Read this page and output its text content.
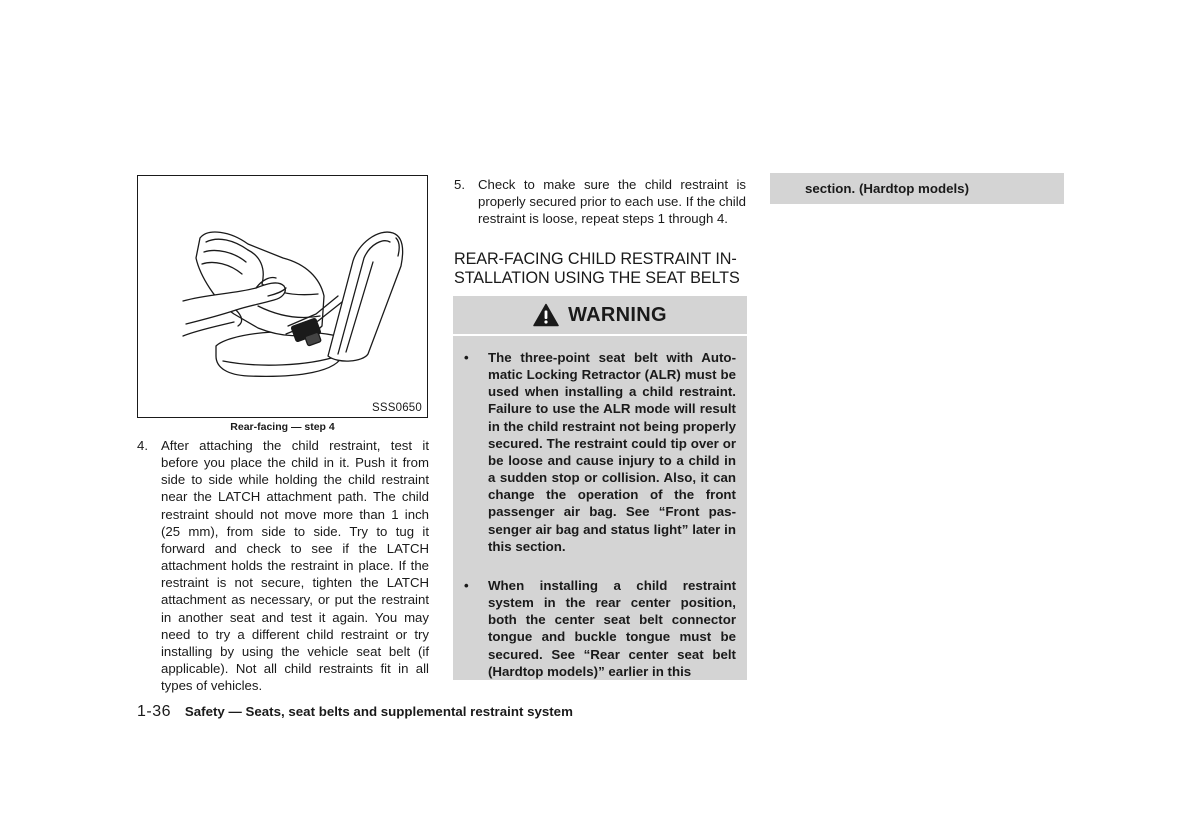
SSS0650
Rear-facing — step 4
4. After attaching the child restraint, test it before you place the child in it. Push it from side to side while holding the child restraint near the LATCH attachment path. The child restraint should not move more than 1 inch (25 mm), from side to side. Try to tug it forward and check to see if the LATCH attachment holds the restraint in place. If the restraint is not secure, tighten the LATCH attachment as necessary, or put the restraint in another seat and test it again. You may need to try a different child restraint or try installing by using the vehicle seat belt (if applicable). Not all child restraints fit in all types of vehicles.
5. Check to make sure the child restraint is properly secured prior to each use. If the child restraint is loose, repeat steps 1 through 4.
REAR-FACING CHILD RESTRAINT INSTALLATION USING THE SEAT BELTS
WARNING
• The three-point seat belt with Automatic Locking Retractor (ALR) must be used when installing a child restraint. Failure to use the ALR mode will result in the child restraint not being properly secured. The restraint could tip over or be loose and cause injury to a child in a sudden stop or collision. Also, it can change the operation of the front passenger air bag. See “Front passenger air bag and status light” later in this section.
• When installing a child restraint system in the rear center position, both the center seat belt connector tongue and buckle tongue must be secured. See “Rear center seat belt (Hardtop models)” earlier in this
section. (Hardtop models)
1-36 Safety — Seats, seat belts and supplemental restraint system
